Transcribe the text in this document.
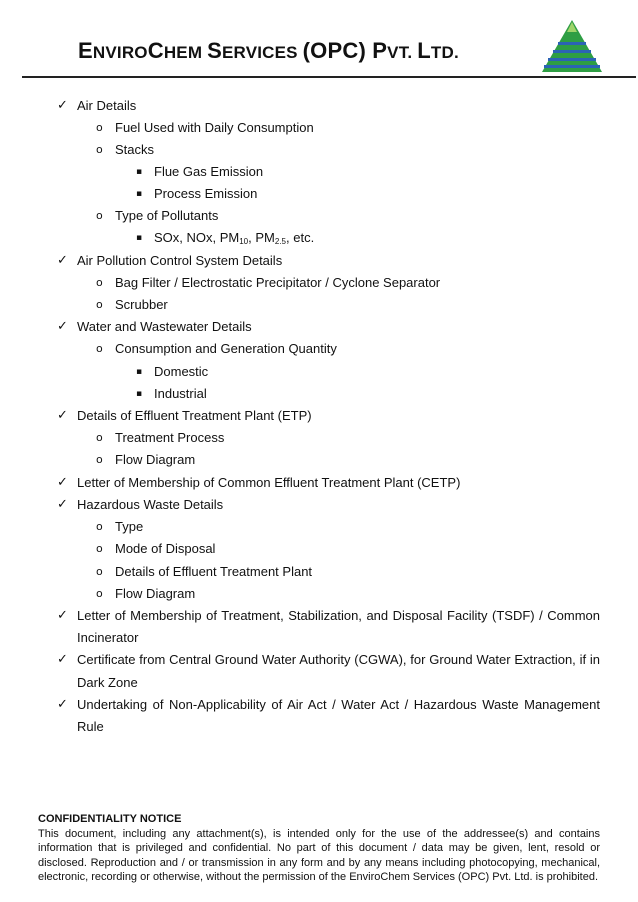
ENVIROCHEM SERVICES (OPC) PVT. LTD.
✓ Air Details
o Fuel Used with Daily Consumption
o Stacks
▪ Flue Gas Emission
▪ Process Emission
o Type of Pollutants
▪ SOx, NOx, $PM_{10}$, $PM_{2.5}$, etc.
✓ Air Pollution Control System Details
o Bag Filter / Electrostatic Precipitator / Cyclone Separator
o Scrubber
✓ Water and Wastewater Details
o Consumption and Generation Quantity
▪ Domestic
▪ Industrial
✓ Details of Effluent Treatment Plant (ETP)
o Treatment Process
o Flow Diagram
✓ Letter of Membership of Common Effluent Treatment Plant (CETP)
✓ Hazardous Waste Details
o Type
o Mode of Disposal
o Details of Effluent Treatment Plant
o Flow Diagram
✓ Letter of Membership of Treatment, Stabilization, and Disposal Facility (TSDF) / Common
Incinerator
✓ Certificate from Central Ground Water Authority (CGWA), for Ground Water Extraction, if in
Dark Zone
✓ Undertaking of Non-Applicability of Air Act / Water Act / Hazardous Waste Management
Rule
CONFIDENTIALITY NOTICE
This document, including any attachment(s), is intended only for the use of the addressee(s) and contains information that is privileged and confidential. No part of this document / data may be given, lent, resold or disclosed. Reproduction and / or transmission in any form and by any means including photocopying, mechanical, electronic, recording or otherwise, without the permission of the EnviroChem Services (OPC) Pvt. Ltd. is prohibited.
